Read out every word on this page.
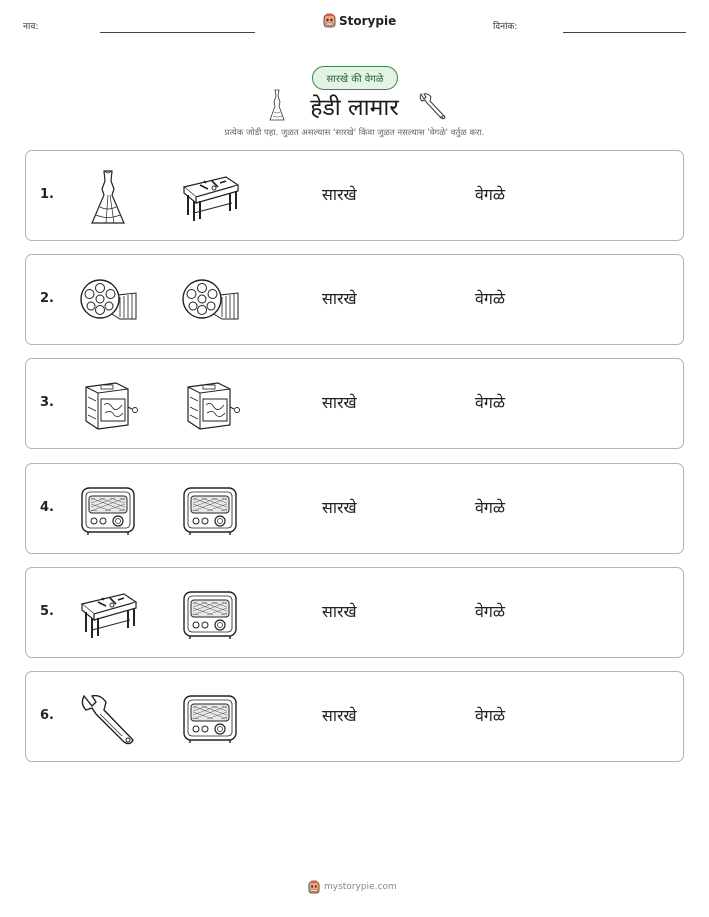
नाव:	Storypie	दिनांक:
सारखे की वेगळे
हेडी लामार
प्रत्येक जोडी पहा. जुळत असल्यास 'सारखे' किंवा जुळत नसल्यास 'वेगळे' वर्तुळ करा.
1.	सारखे	वेगळे
2.	सारखे	वेगळे
3.	सारखे	वेगळे
4.	सारखे	वेगळे
5.	सारखे	वेगळे
6.	सारखे	वेगळे
mystorypie.com
